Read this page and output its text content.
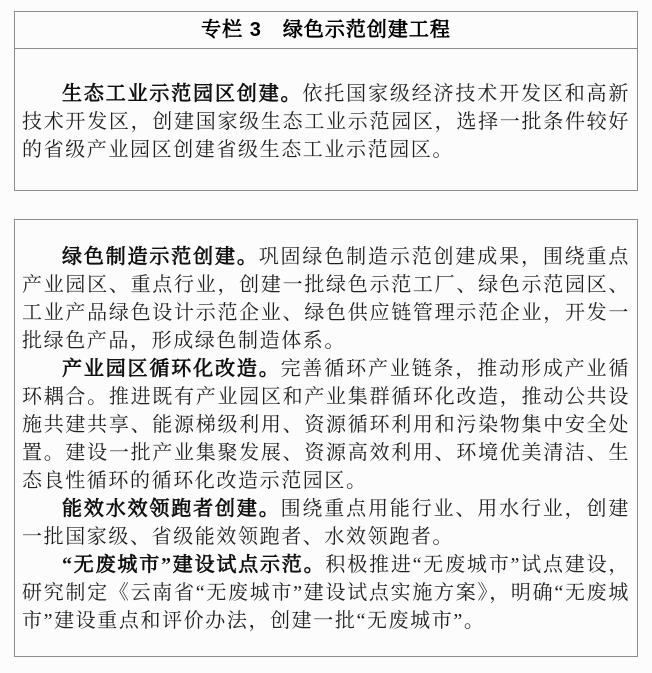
专栏 3　绿色示范创建工程

生态工业示范园区创建。依托国家级经济技术开发区和高新技术开发区，创建国家级生态工业示范园区，选择一批条件较好的省级产业园区创建省级生态工业示范园区。

绿色制造示范创建。巩固绿色制造示范创建成果，围绕重点产业园区、重点行业，创建一批绿色示范工厂、绿色示范园区、工业产品绿色设计示范企业、绿色供应链管理示范企业，开发一批绿色产品，形成绿色制造体系。

产业园区循环化改造。完善循环产业链条，推动形成产业循环耦合。推进既有产业园区和产业集群循环化改造，推动公共设施共建共享、能源梯级利用、资源循环利用和污染物集中安全处置。建设一批产业集聚发展、资源高效利用、环境优美清洁、生态良性循环的循环化改造示范园区。

能效水效领跑者创建。围绕重点用能行业、用水行业，创建一批国家级、省级能效领跑者、水效领跑者。

“无废城市”建设试点示范。积极推进“无废城市”试点建设，研究制定《云南省“无废城市”建设试点实施方案》，明确“无废城市”建设重点和评价办法，创建一批“无废城市”。
